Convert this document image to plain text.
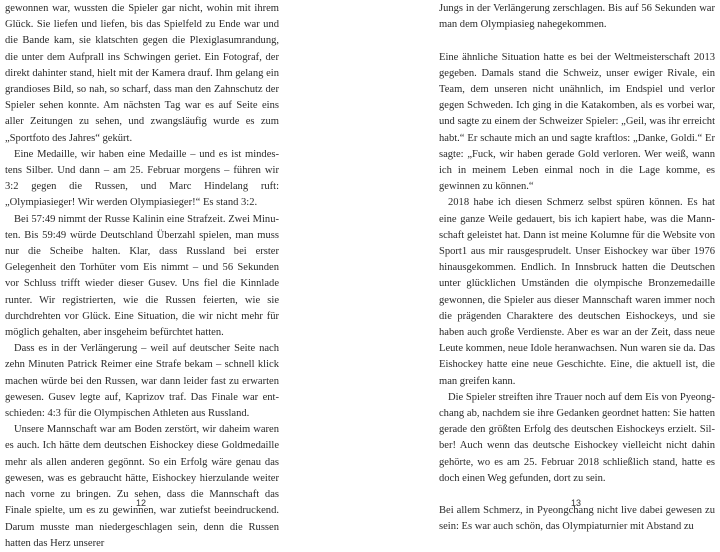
gewonnen war, wussten die Spieler gar nicht, wohin mit ihrem Glück. Sie liefen und liefen, bis das Spielfeld zu Ende war und die Bande kam, sie klatschten gegen die Plexiglasumrandung, die unter dem Aufprall ins Schwingen geriet. Ein Fotograf, der direkt dahinter stand, hielt mit der Kamera drauf. Ihm gelang ein grandioses Bild, so nah, so scharf, dass man den Zahnschutz der Spieler sehen konnte. Am nächsten Tag war es auf Seite eins aller Zeitungen zu sehen, und zwangsläufig wurde es zum „Sportfoto des Jahres“ gekürt.

Eine Medaille, wir haben eine Medaille – und es ist mindestens Silber. Und dann – am 25. Februar morgens – führen wir 3:2 gegen die Russen, und Marc Hindelang ruft: „Olympiasieger! Wir werden Olympiasieger!“ Es stand 3:2.

Bei 57:49 nimmt der Russe Kalinin eine Strafzeit. Zwei Minuten. Bis 59:49 würde Deutschland Überzahl spielen, man muss nur die Scheibe halten. Klar, dass Russland bei erster Gelegenheit den Torhüter vom Eis nimmt – und 56 Sekunden vor Schluss trifft wieder dieser Gusev. Uns fiel die Kinnlade runter. Wir registrierten, wie die Russen feierten, wie sie durchdrehten vor Glück. Eine Situation, die wir nicht mehr für möglich gehalten, aber insgeheim befürchtet hatten.

Dass es in der Verlängerung – weil auf deutscher Seite nach zehn Minuten Patrick Reimer eine Strafe bekam – schnell klick machen würde bei den Russen, war dann leider fast zu erwarten gewesen. Gusev legte auf, Kaprizov traf. Das Finale war entschieden: 4:3 für die Olympischen Athleten aus Russland.

Unsere Mannschaft war am Boden zerstört, wir daheim waren es auch. Ich hätte dem deutschen Eishockey diese Goldmedaille mehr als allen anderen gegönnt. So ein Erfolg wäre genau das gewesen, was es gebraucht hätte, Eishockey hierzulande weiter nach vorne zu bringen. Zu sehen, dass die Mannschaft das Finale spielte, um es zu gewinnen, war zutiefst beeindruckend. Darum musste man niedergeschlagen sein, denn die Russen hatten das Herz unserer

12

Jungs in der Verlängerung zerschlagen. Bis auf 56 Sekunden war man dem Olympiasieg nahegekommen.

Eine ähnliche Situation hatte es bei der Weltmeisterschaft 2013 gegeben. Damals stand die Schweiz, unser ewiger Rivale, ein Team, dem unseren nicht unähnlich, im Endspiel und verlor gegen Schweden. Ich ging in die Katakomben, als es vorbei war, und sagte zu einem der Schweizer Spieler: „Geil, was ihr erreicht habt.“ Er schaute mich an und sagte kraftlos: „Danke, Goldi.“ Er sagte: „Fuck, wir haben gerade Gold verloren. Wer weiß, wann ich in meinem Leben einmal noch in die Lage komme, es gewinnen zu können.“

2018 habe ich diesen Schmerz selbst spüren können. Es hat eine ganze Weile gedauert, bis ich kapiert habe, was die Mannschaft geleistet hat. Dann ist meine Kolumne für die Website von Sport1 aus mir rausgesprudelt. Unser Eishockey war über 1976 hinausgekommen. Endlich. In Innsbruck hatten die Deutschen unter glücklichen Umständen die olympische Bronzemedaille gewonnen, die Spieler aus dieser Mannschaft waren immer noch die prägenden Charaktere des deutschen Eishockeys, und sie haben auch große Verdienste. Aber es war an der Zeit, dass neue Leute kommen, neue Idole heranwachsen. Nun waren sie da. Das Eishockey hatte eine neue Geschichte. Eine, die aktuell ist, die man greifen kann.

Die Spieler streiften ihre Trauer noch auf dem Eis von Pyeongchang ab, nachdem sie ihre Gedanken geordnet hatten: Sie hatten gerade den größten Erfolg des deutschen Eishockeys erzielt. Silber! Auch wenn das deutsche Eishockey vielleicht nicht dahin gehörte, wo es am 25. Februar 2018 schließlich stand, hatte es doch einen Weg gefunden, dort zu sein.

Bei allem Schmerz, in Pyeongchang nicht live dabei gewesen zu sein: Es war auch schön, das Olympiaturnier mit Abstand zu

13
